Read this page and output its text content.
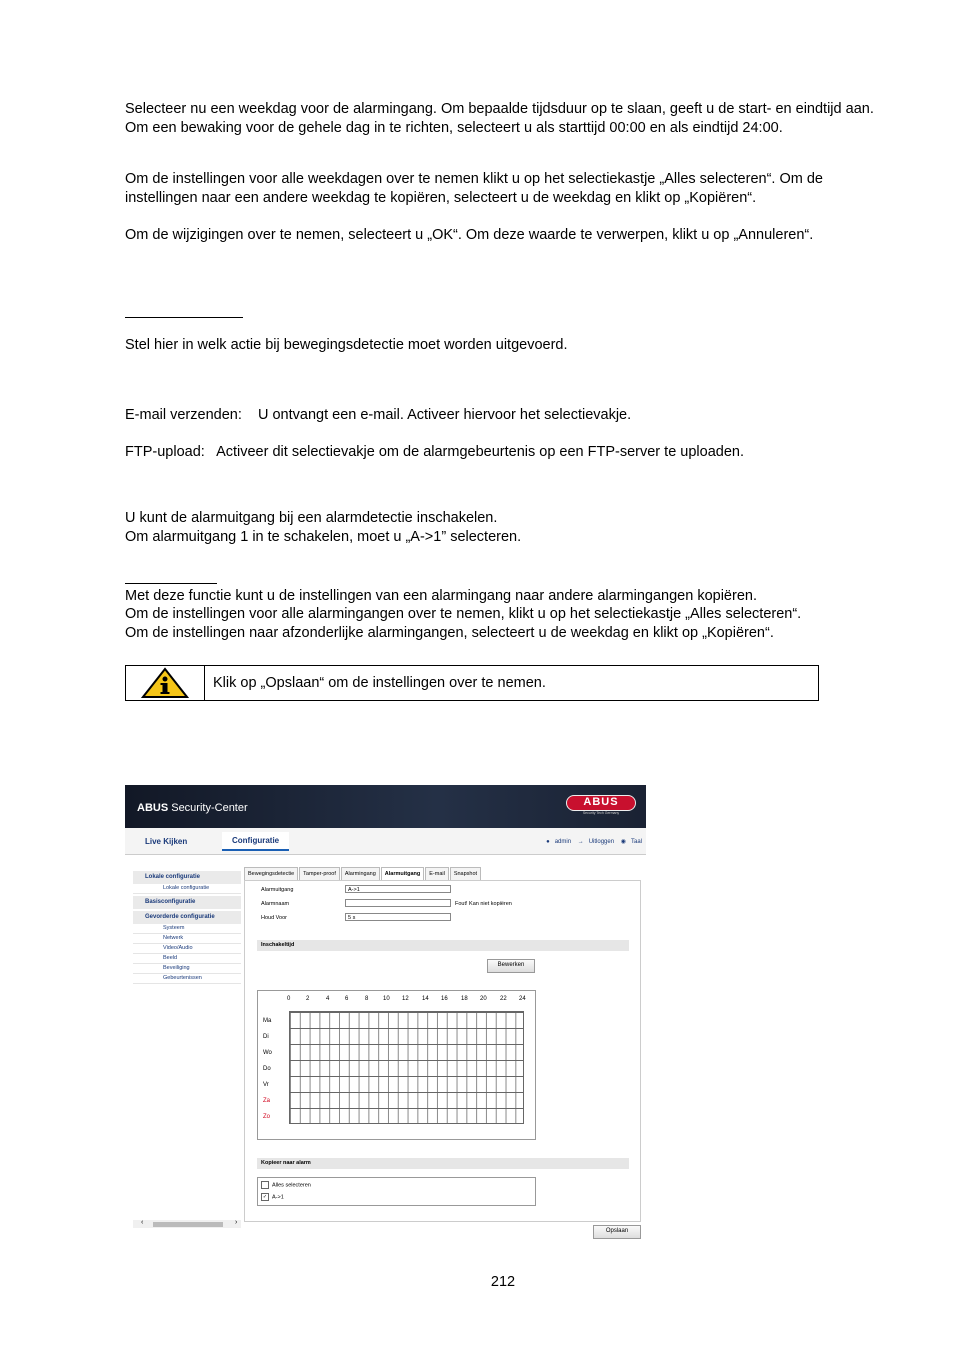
Selecteer nu een weekdag voor de alarmingang. Om bepaalde tijdsduur op te slaan, geeft u de start- en eindtijd aan. Om een bewaking voor de gehele dag in te richten, selecteert u als starttijd 00:00 en als eindtijd 24:00.

Om de instellingen voor alle weekdagen over te nemen klikt u op het selectiekastje „Alles selecteren“. Om de instellingen naar een andere weekdag te kopiëren, selecteert u de weekdag en klikt op „Kopiëren“.

Om de wijzigingen over te nemen, selecteert u „OK“. Om deze waarde te verwerpen, klikt u op „Annuleren“.

Stel hier in welk actie bij bewegingsdetectie moet worden uitgevoerd.

E-mail verzenden:    U ontvangt een e-mail. Activeer hiervoor het selectievakje.

FTP-upload:   Activeer dit selectievakje om de alarmgebeurtenis op een FTP-server te uploaden.

U kunt de alarmuitgang bij een alarmdetectie inschakelen.

Om alarmuitgang 1 in te schakelen, moet u „A->1” selecteren.

Met deze functie kunt u de instellingen van een alarmingang naar andere alarmingangen kopiëren.

Om de instellingen voor alle alarmingangen over te nemen, klikt u op het selectiekastje „Alles selecteren“.

Om de instellingen naar afzonderlijke alarmingangen, selecteert u de weekdag en klikt op „Kopiëren“.

Klik op „Opslaan“ om de instellingen over te nemen.
ABUS Security-Center	ABUS
Security Tech Germany
Live Kijken	Configuratie	● admin → Uitloggen ◉ Taal
Lokale configuratie
Lokale configuratie
Basisconfiguratie
Gevorderde configuratie
Systeem
Netwerk
Video/Audio
Beeld
Beveiliging
Gebeurtenissen
Bewegingsdetectie	Tamper-proof	Alarmingang	Alarmuitgang	E-mail	Snapshot
Alarmuitgang	A->1
Alarmnaam	Fout! Kan niet kopiëren
Houd Voor	5 s
Inschakeltijd
Bewerken
0	2	4	6	8 10 12 14 16 18 20 22 24
Ma
Di
Wo
Do
Vr
Za
Zo
Kopieer naar alarm
Alles selecteren
✓ A->1
‹	›
Opslaan
212
